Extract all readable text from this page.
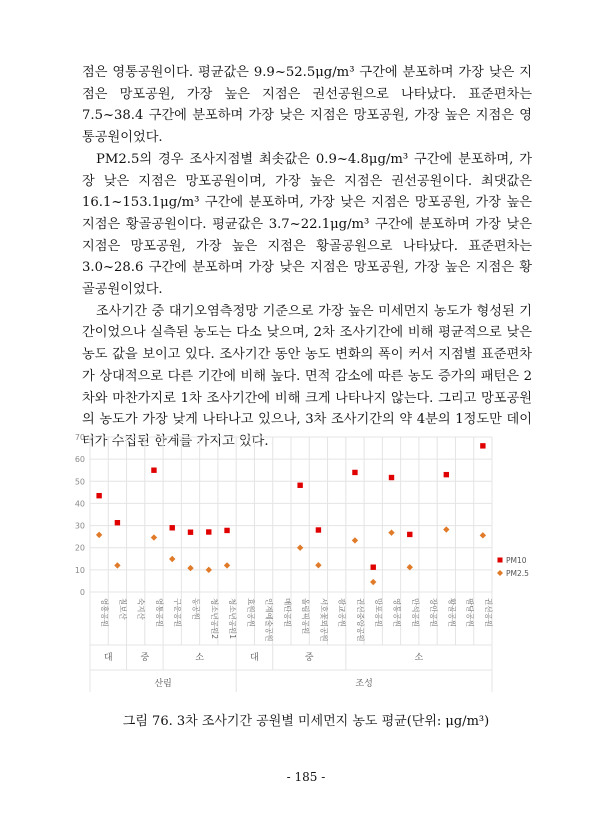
점은 영통공원이다. 평균값은 9.9~52.5μg/m³ 구간에 분포하며 가장 낮은 지점은 망포공원, 가장 높은 지점은 권선공원으로 나타났다. 표준편차는 7.5~38.4 구간에 분포하며 가장 낮은 지점은 망포공원, 가장 높은 지점은 영통공원이었다.

PM2.5의 경우 조사지점별 최솟값은 0.9~4.8μg/m³ 구간에 분포하며, 가장 낮은 지점은 망포공원이며, 가장 높은 지점은 권선공원이다. 최댓값은 16.1~153.1μg/m³ 구간에 분포하며, 가장 낮은 지점은 망포공원, 가장 높은 지점은 황골공원이다. 평균값은 3.7~22.1μg/m³ 구간에 분포하며 가장 낮은 지점은 망포공원, 가장 높은 지점은 황골공원으로 나타났다. 표준편차는 3.0~28.6 구간에 분포하며 가장 낮은 지점은 망포공원, 가장 높은 지점은 황골공원이었다.

조사기간 중 대기오염측정망 기준으로 가장 높은 미세먼지 농도가 형성된 기간이었으나 실측된 농도는 다소 낮으며, 2차 조사기간에 비해 평균적으로 낮은 농도 값을 보이고 있다. 조사기간 동안 농도 변화의 폭이 커서 지점별 표준편차가 상대적으로 다른 기간에 비해 높다. 면적 감소에 따른 농도 증가의 패턴은 2차와 마찬가지로 1차 조사기간에 비해 크게 나타나지 않는다. 그리고 망포공원의 농도가 가장 낮게 나타나고 있으나, 3차 조사기간의 약 4분의 1정도만 데이터가 수집된 한계를 가지고 있다.

0
10
20
30
40
50
60
70
대	중	소	대	중	소
산림	조성
영흥공원 칠보산 숙지산 영통공원 구운공원 동공원 청소년공원2 청소년공원1 효원공원 인계예술공원 매탄공원 올림픽공원 서호꽃뫼공원 광교공원 권선중앙공원 망포공원 영통공원 만석공원 장안공원 황골공원 팔달공원 권선공원
PM10
PM2.5
그림 76. 3차 조사기간 공원별 미세먼지 농도 평균(단위: μg/m³)
- 185 -
